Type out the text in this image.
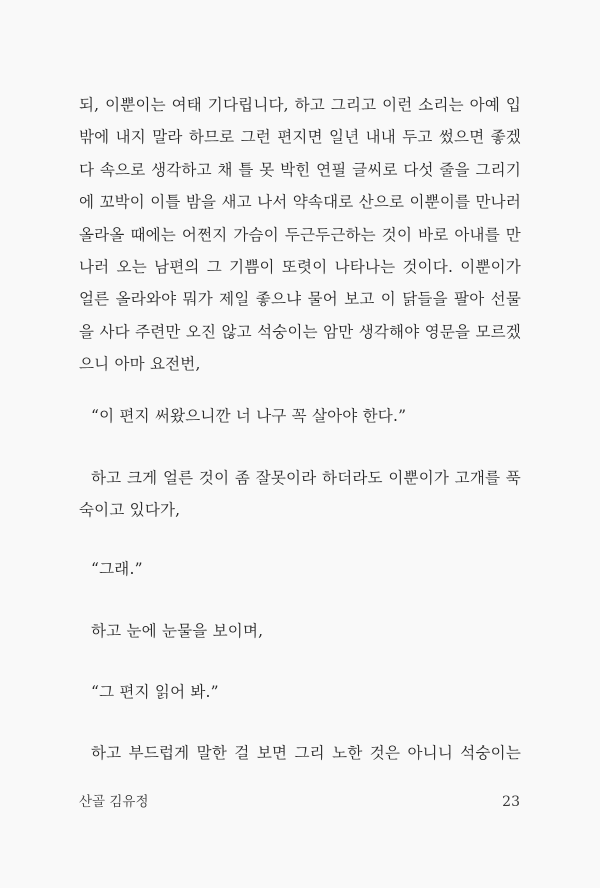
되, 이뿐이는 여태 기다립니다, 하고 그리고 이런 소리는 아예 입
밖에 내지 말라 하므로 그런 편지면 일년 내내 두고 썼으면 좋겠
다 속으로 생각하고 채 틀 못 박힌 연필 글씨로 다섯 줄을 그리기
에 꼬박이 이틀 밤을 새고 나서 약속대로 산으로 이뿐이를 만나러
올라올 때에는 어쩐지 가슴이 두근두근하는 것이 바로 아내를 만
나러 오는 남편의 그 기쁨이 또렷이 나타나는 것이다. 이뿐이가
얼른 올라와야 뭐가 제일 좋으냐 물어 보고 이 닭들을 팔아 선물
을 사다 주련만 오진 않고 석숭이는 암만 생각해야 영문을 모르겠
으니 아마 요전번,
“이 편지 써왔으니깐 너 나구 꼭 살아야 한다.”
하고 크게 얼른 것이 좀 잘못이라 하더라도 이뿐이가 고개를 푹
숙이고 있다가,
“그래.”
하고 눈에 눈물을 보이며,
“그 편지 읽어 봐.”
하고 부드럽게 말한 걸 보면 그리 노한 것은 아니니 석숭이는
산골 김유정	23
